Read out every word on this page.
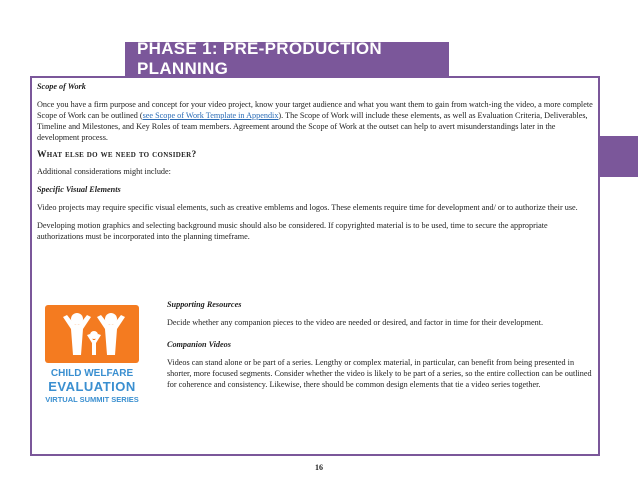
PHASE 1: PRE-PRODUCTION PLANNING

Scope of Work

Once you have a firm purpose and concept for your video project, know your target audience and what you want them to gain from watch-ing the video, a more complete Scope of Work can be outlined (see Scope of Work Template in Appendix). The Scope of Work will include these elements, as well as Evaluation Criteria, Deliverables, Timeline and Milestones, and Key Roles of team members. Agreement around the Scope of Work at the outset can help to avert misunderstandings later in the development process.

What else do we need to consider?

Additional considerations might include:

Specific Visual Elements

Video projects may require specific visual elements, such as creative emblems and logos. These elements require time for development and/ or to authorize their use.

Developing motion graphics and selecting background music should also be considered. If copyrighted material is to be used, time to secure the appropriate authorizations must be incorporated into the planning timeframe.

CHILD WELFARE
EVALUATION
VIRTUAL SUMMIT SERIES

Supporting Resources

Decide whether any companion pieces to the video are needed or desired, and factor in time for their development.

Companion Videos

Videos can stand alone or be part of a series. Lengthy or complex material, in particular, can benefit from being presented in shorter, more focused segments. Consider whether the video is likely to be part of a series, so the entire collection can be outlined for coherence and consistency. Likewise, there should be common design elements that tie a video series together.

16
